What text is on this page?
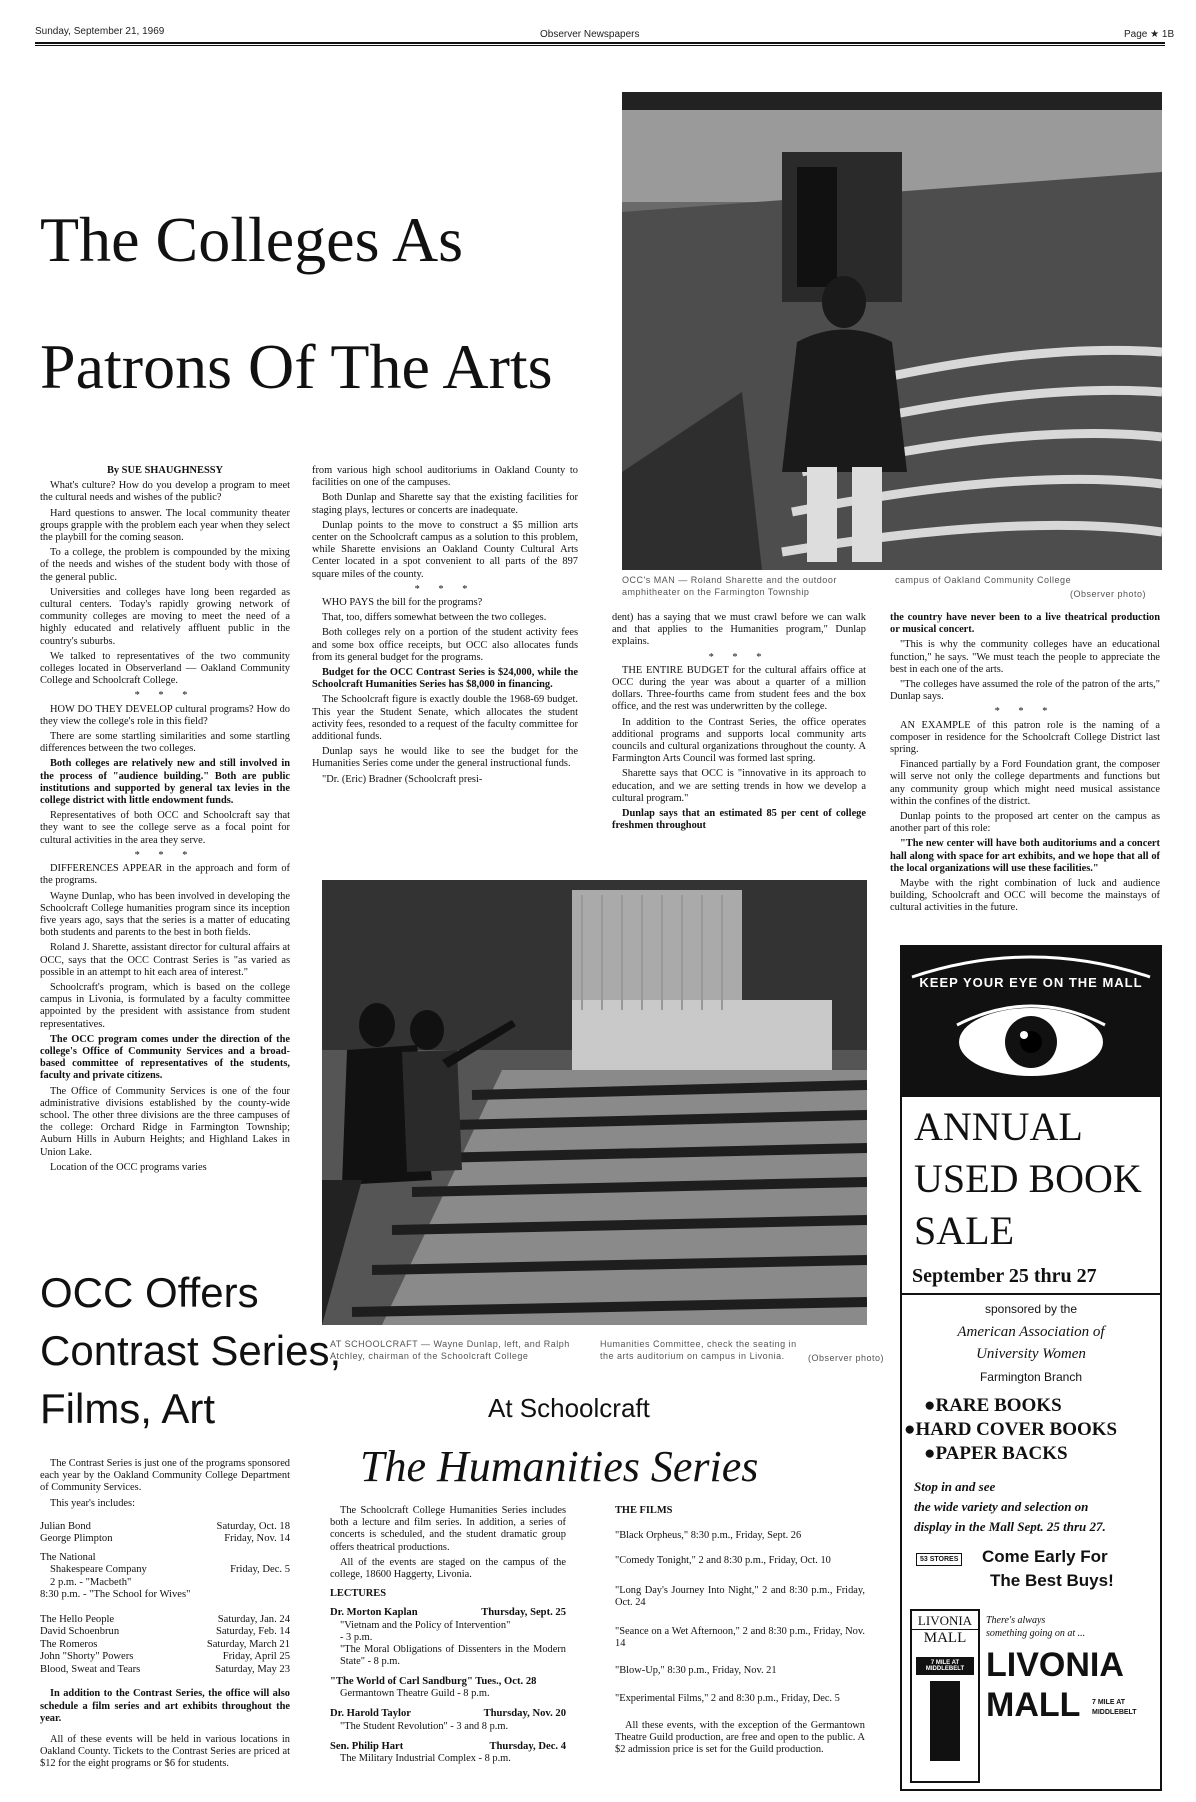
Sunday, September 21, 1969	Observer Newspapers	Page ★ 1B
The Colleges As
Patrons Of The Arts
OCC's MAN — Roland Sharette and the outdoor amphitheater on the Farmington Township
campus of Oakland Community College
(Observer photo)

By SUE SHAUGHNESSY

What's culture? How do you develop a program to meet the cultural needs and wishes of the public?

Hard questions to answer. The local community theater groups grapple with the problem each year when they select the playbill for the coming season.

To a college, the problem is compounded by the mixing of the needs and wishes of the student body with those of the general public.

Universities and colleges have long been regarded as cultural centers. Today's rapidly growing network of community colleges are moving to meet the need of a highly educated and relatively affluent public in the country's suburbs.

We talked to representatives of the two community colleges located in Observerland — Oakland Community College and Schoolcraft College.

* * *

HOW DO THEY DEVELOP cultural programs? How do they view the college's role in this field?

There are some startling similarities and some startling differences between the two colleges.

Both colleges are relatively new and still involved in the process of "audience building." Both are public institutions and supported by general tax levies in the college district with little endowment funds.

Representatives of both OCC and Schoolcraft say that they want to see the college serve as a focal point for cultural activities in the area they serve.

* * *

DIFFERENCES APPEAR in the approach and form of the programs.

Wayne Dunlap, who has been involved in developing the Schoolcraft College humanities program since its inception five years ago, says that the series is a matter of educating both students and parents to the best in both fields.

Roland J. Sharette, assistant director for cultural affairs at OCC, says that the OCC Contrast Series is "as varied as possible in an attempt to hit each area of interest."

Schoolcraft's program, which is based on the college campus in Livonia, is formulated by a faculty committee appointed by the president with assistance from student representatives.

The OCC program comes under the direction of the college's Office of Community Services and a broad-based committee of representatives of the students, faculty and private citizens.

The Office of Community Services is one of the four administrative divisions established by the county-wide school. The other three divisions are the three campuses of the college: Orchard Ridge in Farmington Township; Auburn Hills in Auburn Heights; and Highland Lakes in Union Lake.

Location of the OCC programs varies

from various high school auditoriums in Oakland County to facilities on one of the campuses.

Both Dunlap and Sharette say that the existing facilities for staging plays, lectures or concerts are inadequate.

Dunlap points to the move to construct a $5 million arts center on the Schoolcraft campus as a solution to this problem, while Sharette envisions an Oakland County Cultural Arts Center located in a spot convenient to all parts of the 897 square miles of the county.

* * *

WHO PAYS the bill for the programs?

That, too, differs somewhat between the two colleges.

Both colleges rely on a portion of the student activity fees and some box office receipts, but OCC also allocates funds from its general budget for the programs.

Budget for the OCC Contrast Series is $24,000, while the Schoolcraft Humanities Series has $8,000 in financing.

The Schoolcraft figure is exactly double the 1968-69 budget. This year the Student Senate, which allocates the student activity fees, resonded to a request of the faculty committee for additional funds.

Dunlap says he would like to see the budget for the Humanities Series come under the general instructional funds.

"Dr. (Eric) Bradner (Schoolcraft presi-

dent) has a saying that we must crawl before we can walk and that applies to the Humanities program," Dunlap explains.

* * *

THE ENTIRE BUDGET for the cultural affairs office at OCC during the year was about a quarter of a million dollars. Three-fourths came from student fees and the box office, and the rest was underwritten by the college.

In addition to the Contrast Series, the office operates additional programs and supports local community arts councils and cultural organizations throughout the county. A Farmington Arts Council was formed last spring.

Sharette says that OCC is "innovative in its approach to education, and we are setting trends in how we develop a cultural program."

Dunlap says that an estimated 85 per cent of college freshmen throughout

the country have never been to a live theatrical production or musical concert.

"This is why the community colleges have an educational function," he says. "We must teach the people to appreciate the best in each one of the arts.

"The colleges have assumed the role of the patron of the arts," Dunlap says.

* * *

AN EXAMPLE of this patron role is the naming of a composer in residence for the Schoolcraft College District last spring.

Financed partially by a Ford Foundation grant, the composer will serve not only the college departments and functions but any community group which might need musical assistance within the confines of the district.

Dunlap points to the proposed art center on the campus as another part of this role:

"The new center will have both auditoriums and a concert hall along with space for art exhibits, and we hope that all of the local organizations will use these facilities."

Maybe with the right combination of luck and audience building, Schoolcraft and OCC will become the mainstays of cultural activities in the future.

AT SCHOOLCRAFT — Wayne Dunlap, left, and Ralph Atchley, chairman of the Schoolcraft College
Humanities Committee, check the seating in the arts auditorium on campus in Livonia.	(Observer photo)
OCC Offers
Contrast Series,
Films, Art

The Contrast Series is just one of the programs sponsored each year by the Oakland Community College Department of Community Services.

This year's includes:

Julian Bond	Saturday, Oct. 18
George Plimpton	Friday, Nov. 14
The National
Shakespeare Company	Friday, Dec. 5
2 p.m. - "Macbeth"
8:30 p.m. - "The School for Wives"
The Hello People	Saturday, Jan. 24
David Schoenbrun	Saturday, Feb. 14
The Romeros	Saturday, March 21
John "Shorty" Powers	Friday, April 25
Blood, Sweat and Tears	Saturday, May 23

In addition to the Contrast Series, the office will also schedule a film series and art exhibits throughout the year.

All of these events will be held in various locations in Oakland County. Tickets to the Contrast Series are priced at $12 for the eight programs or $6 for students.

At Schoolcraft
The Humanities Series

The Schoolcraft College Humanities Series includes both a lecture and film series. In addition, a series of concerts is scheduled, and the student dramatic group offers theatrical productions.

All of the events are staged on the campus of the college, 18600 Haggerty, Livonia.

LECTURES

Dr. Morton Kaplan	Thursday, Sept. 25
"Vietnam and the Policy of Intervention"
- 3 p.m.
"The Moral Obligations of Dissenters in the Modern State" - 8 p.m.
"The World of Carl Sandburg" Tues., Oct. 28
Germantown Theatre Guild - 8 p.m.
Dr. Harold Taylor	Thursday, Nov. 20
"The Student Revolution" - 3 and 8 p.m.
Sen. Philip Hart	Thursday, Dec. 4
The Military Industrial Complex - 8 p.m.

THE FILMS

"Black Orpheus," 8:30 p.m., Friday, Sept. 26

"Comedy Tonight," 2 and 8:30 p.m., Friday, Oct. 10

"Long Day's Journey Into Night," 2 and 8:30 p.m., Friday, Oct. 24

"Seance on a Wet Afternoon," 2 and 8:30 p.m., Friday, Nov. 14

"Blow-Up," 8:30 p.m., Friday, Nov. 21

"Experimental Films," 2 and 8:30 p.m., Friday, Dec. 5

All these events, with the exception of the Germantown Theatre Guild production, are free and open to the public. A $2 admission price is set for the Guild production.

KEEP YOUR EYE ON THE MALL
ANNUAL
USED BOOK
SALE
September 25 thru 27
sponsored by the
American Association of
University Women
Farmington Branch
●RARE BOOKS
●HARD COVER BOOKS
●PAPER BACKS
Stop in and see
the wide variety and selection on
display in the Mall Sept. 25 thru 27.
Come Early For
The Best Buys!
53 STORES
LIVONIA
MALL
7 MILE AT MIDDLEBELT
There's always
something going on at ...
LIVONIA
MALL 7 MILE AT
MIDDLEBELT
